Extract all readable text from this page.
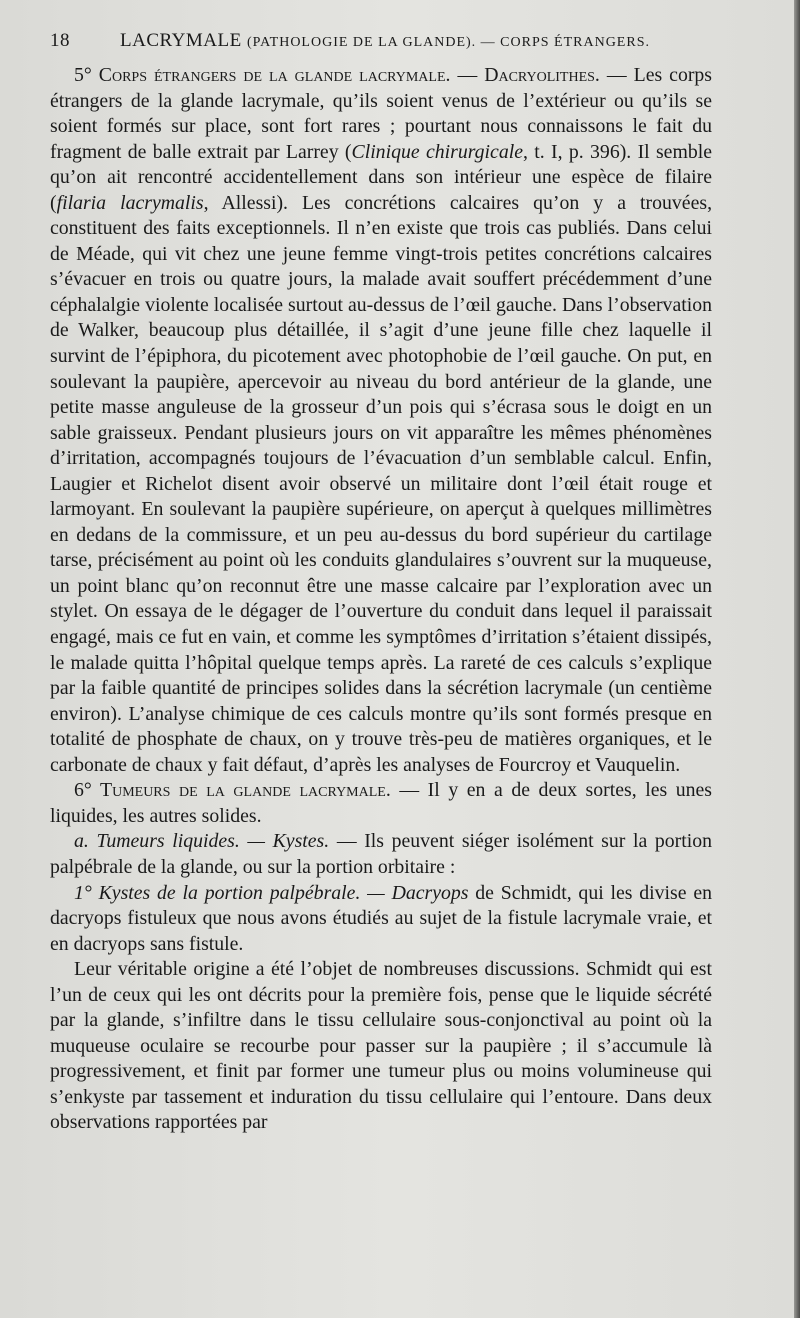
18	LACRYMALE (PATHOLOGIE DE LA GLANDE). — CORPS ÉTRANGERS.

5° Corps étrangers de la glande lacrymale. — Dacryolithes. — Les corps étrangers de la glande lacrymale, qu’ils soient venus de l’extérieur ou qu’ils se soient formés sur place, sont fort rares ; pourtant nous connaissons le fait du fragment de balle extrait par Larrey (Clinique chirurgicale, t. I, p. 396). Il semble qu’on ait rencontré accidentellement dans son intérieur une espèce de filaire (filaria lacrymalis, Allessi). Les concrétions calcaires qu’on y a trouvées, constituent des faits exceptionnels. Il n’en existe que trois cas publiés. Dans celui de Méade, qui vit chez une jeune femme vingt-trois petites concrétions calcaires s’évacuer en trois ou quatre jours, la malade avait souffert précédemment d’une céphalalgie violente localisée surtout au-dessus de l’œil gauche. Dans l’observation de Walker, beaucoup plus détaillée, il s’agit d’une jeune fille chez laquelle il survint de l’épiphora, du picotement avec photophobie de l’œil gauche. On put, en soulevant la paupière, apercevoir au niveau du bord antérieur de la glande, une petite masse anguleuse de la grosseur d’un pois qui s’écrasa sous le doigt en un sable graisseux. Pendant plusieurs jours on vit apparaître les mêmes phénomènes d’irritation, accompagnés toujours de l’évacuation d’un semblable calcul. Enfin, Laugier et Richelot disent avoir observé un militaire dont l’œil était rouge et larmoyant. En soulevant la paupière supérieure, on aperçut à quelques millimètres en dedans de la commissure, et un peu au-dessus du bord supérieur du cartilage tarse, précisément au point où les conduits glandulaires s’ouvrent sur la muqueuse, un point blanc qu’on reconnut être une masse calcaire par l’exploration avec un stylet. On essaya de le dégager de l’ouverture du conduit dans lequel il paraissait engagé, mais ce fut en vain, et comme les symptômes d’irritation s’étaient dissipés, le malade quitta l’hôpital quelque temps après. La rareté de ces calculs s’explique par la faible quantité de principes solides dans la sécrétion lacrymale (un centième environ). L’analyse chimique de ces calculs montre qu’ils sont formés presque en totalité de phosphate de chaux, on y trouve très-peu de matières organiques, et le carbonate de chaux y fait défaut, d’après les analyses de Fourcroy et Vauquelin.

6° Tumeurs de la glande lacrymale. — Il y en a de deux sortes, les unes liquides, les autres solides.

a. Tumeurs liquides. — Kystes. — Ils peuvent siéger isolément sur la portion palpébrale de la glande, ou sur la portion orbitaire :

1° Kystes de la portion palpébrale. — Dacryops de Schmidt, qui les divise en dacryops fistuleux que nous avons étudiés au sujet de la fistule lacrymale vraie, et en dacryops sans fistule.

Leur véritable origine a été l’objet de nombreuses discussions. Schmidt qui est l’un de ceux qui les ont décrits pour la première fois, pense que le liquide sécrété par la glande, s’infiltre dans le tissu cellulaire sous-conjonctival au point où la muqueuse oculaire se recourbe pour passer sur la paupière ; il s’accumule là progressivement, et finit par former une tumeur plus ou moins volumineuse qui s’enkyste par tassement et induration du tissu cellulaire qui l’entoure. Dans deux observations rapportées par
